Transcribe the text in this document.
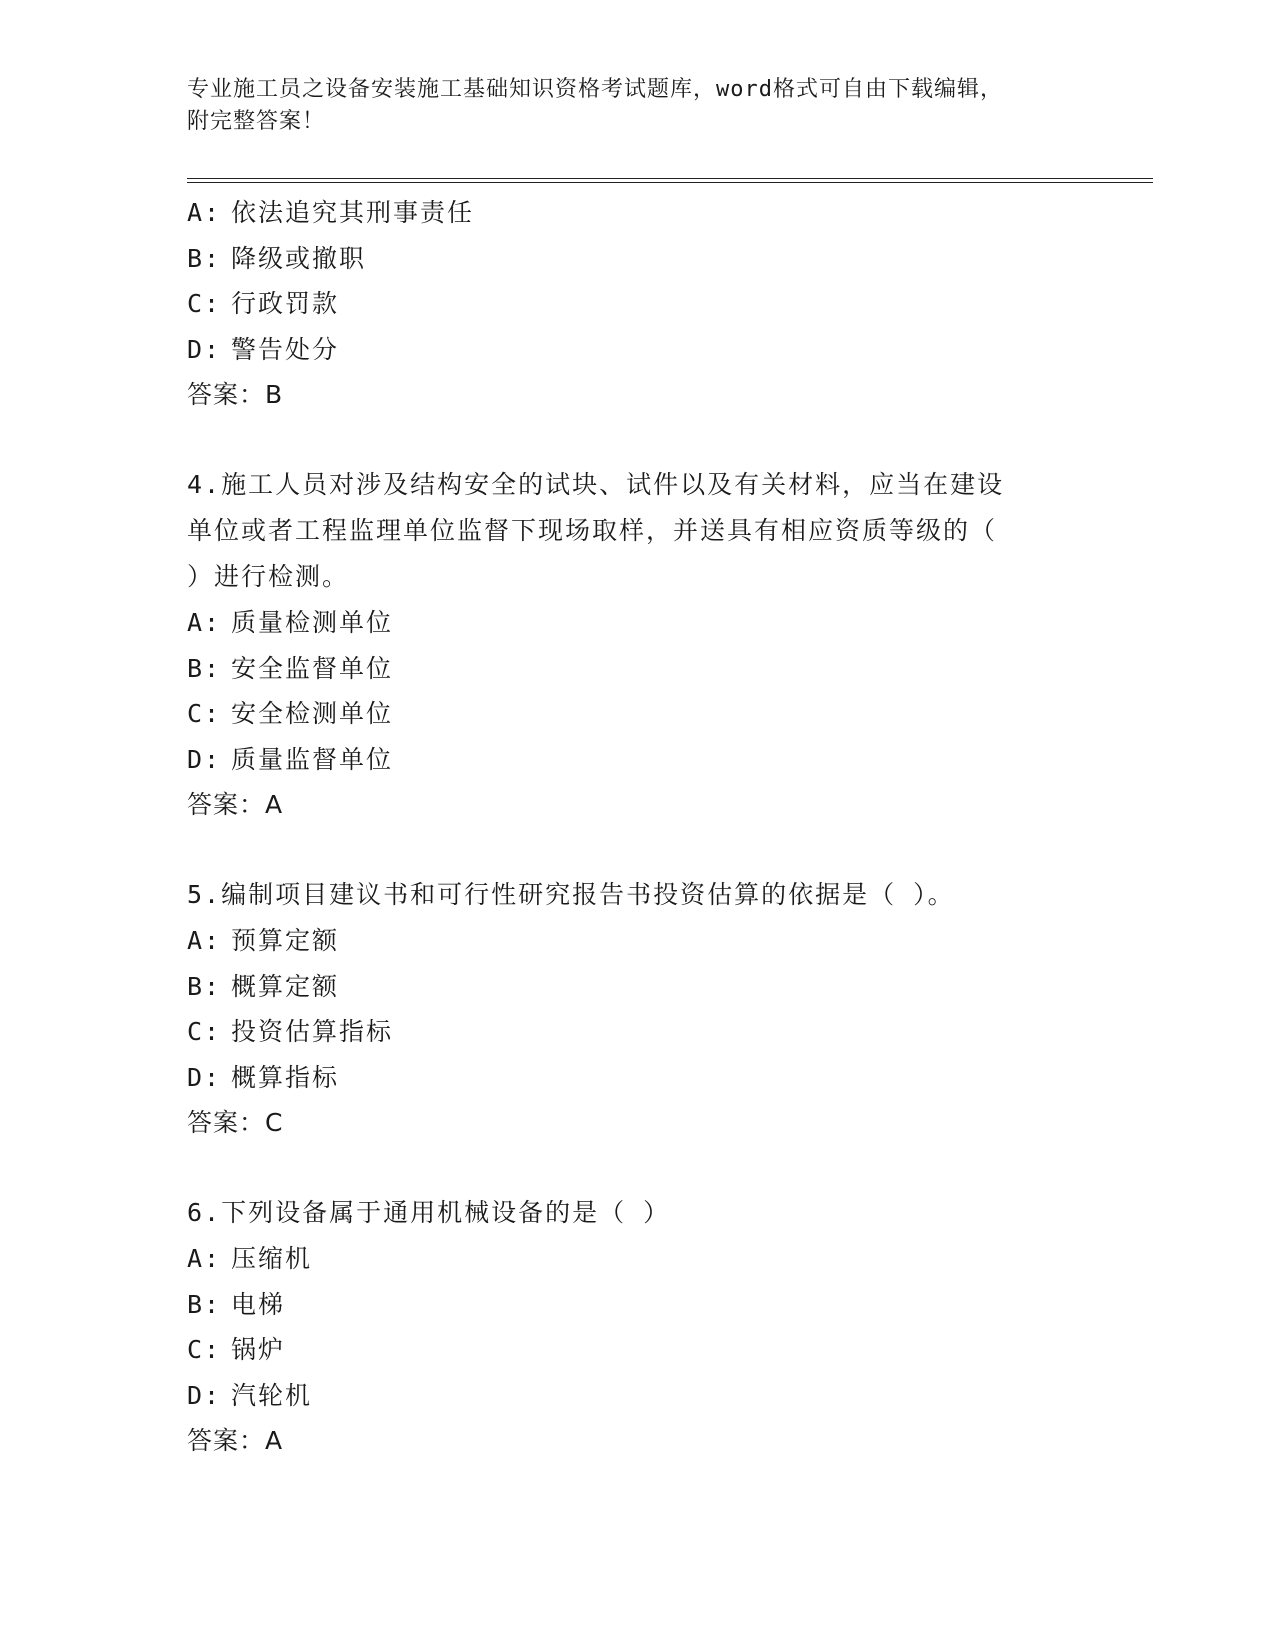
专业施工员之设备安装施工基础知识资格考试题库，word格式可自由下载编辑，
附完整答案！
A: 依法追究其刑事责任
B: 降级或撤职
C: 行政罚款
D: 警告处分
答案：B
4.施工人员对涉及结构安全的试块、试件以及有关材料，应当在建设
单位或者工程监理单位监督下现场取样，并送具有相应资质等级的（
）进行检测。
A: 质量检测单位
B: 安全监督单位
C: 安全检测单位
D: 质量监督单位
答案：A
5.编制项目建议书和可行性研究报告书投资估算的依据是（ ）。
A: 预算定额
B: 概算定额
C: 投资估算指标
D: 概算指标
答案：C
6.下列设备属于通用机械设备的是（ ）
A: 压缩机
B: 电梯
C: 锅炉
D: 汽轮机
答案：A
